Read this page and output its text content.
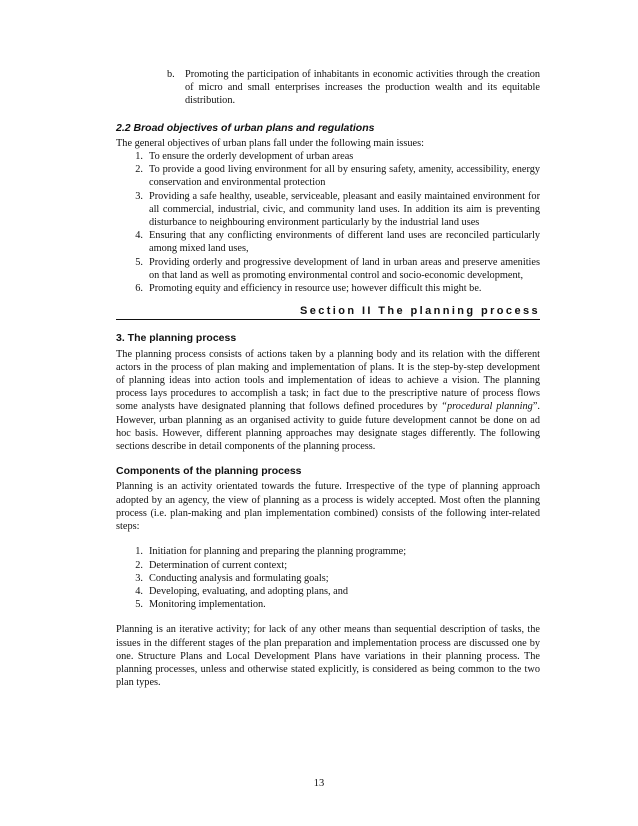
b. Promoting the participation of inhabitants in economic activities through the creation of micro and small enterprises increases the production wealth and its equitable distribution.
2.2 Broad objectives of urban plans and regulations

The general objectives of urban plans fall under the following main issues:

1. To ensure the orderly development of urban areas
2. To provide a good living environment for all by ensuring safety, amenity, accessibility, energy conservation and environmental protection
3. Providing a safe healthy, useable, serviceable, pleasant and easily maintained environment for all commercial, industrial, civic, and community land uses. In addition its aim is preventing disturbance to neighbouring environment particularly by the industrial land uses
4. Ensuring that any conflicting environments of different land uses are reconciled particularly among mixed land uses,
5. Providing orderly and progressive development of land in urban areas and preserve amenities on that land as well as promoting environmental control and socio-economic development,
6. Promoting equity and efficiency in resource use; however difficult this might be.
Section II The planning process
3. The planning process

The planning process consists of actions taken by a planning body and its relation with the different actors in the process of plan making and implementation of plans. It is the step-by-step development of planning ideas into action tools and implementation of ideas to achieve a vision. The planning process lays procedures to accomplish a task; in fact due to the prescriptive nature of process flows some analysts have designated planning that follows defined procedures by “procedural planning”. However, urban planning as an organised activity to guide future development cannot be done on ad hoc basis. However, different planning approaches may designate stages differently. The following sections describe in detail components of the planning process.

Components of the planning process

Planning is an activity orientated towards the future. Irrespective of the type of planning approach adopted by an agency, the view of planning as a process is widely accepted. Most often the planning process (i.e. plan-making and plan implementation combined) consists of the following inter-related steps:

1. Initiation for planning and preparing the planning programme;
2. Determination of current context;
3. Conducting analysis and formulating goals;
4. Developing, evaluating, and adopting plans, and
5. Monitoring implementation.

Planning is an iterative activity; for lack of any other means than sequential description of tasks, the issues in the different stages of the plan preparation and implementation process are discussed one by one. Structure Plans and Local Development Plans have variations in their planning process. The planning processes, unless and otherwise stated explicitly, is considered as being common to the two plan types.

13
